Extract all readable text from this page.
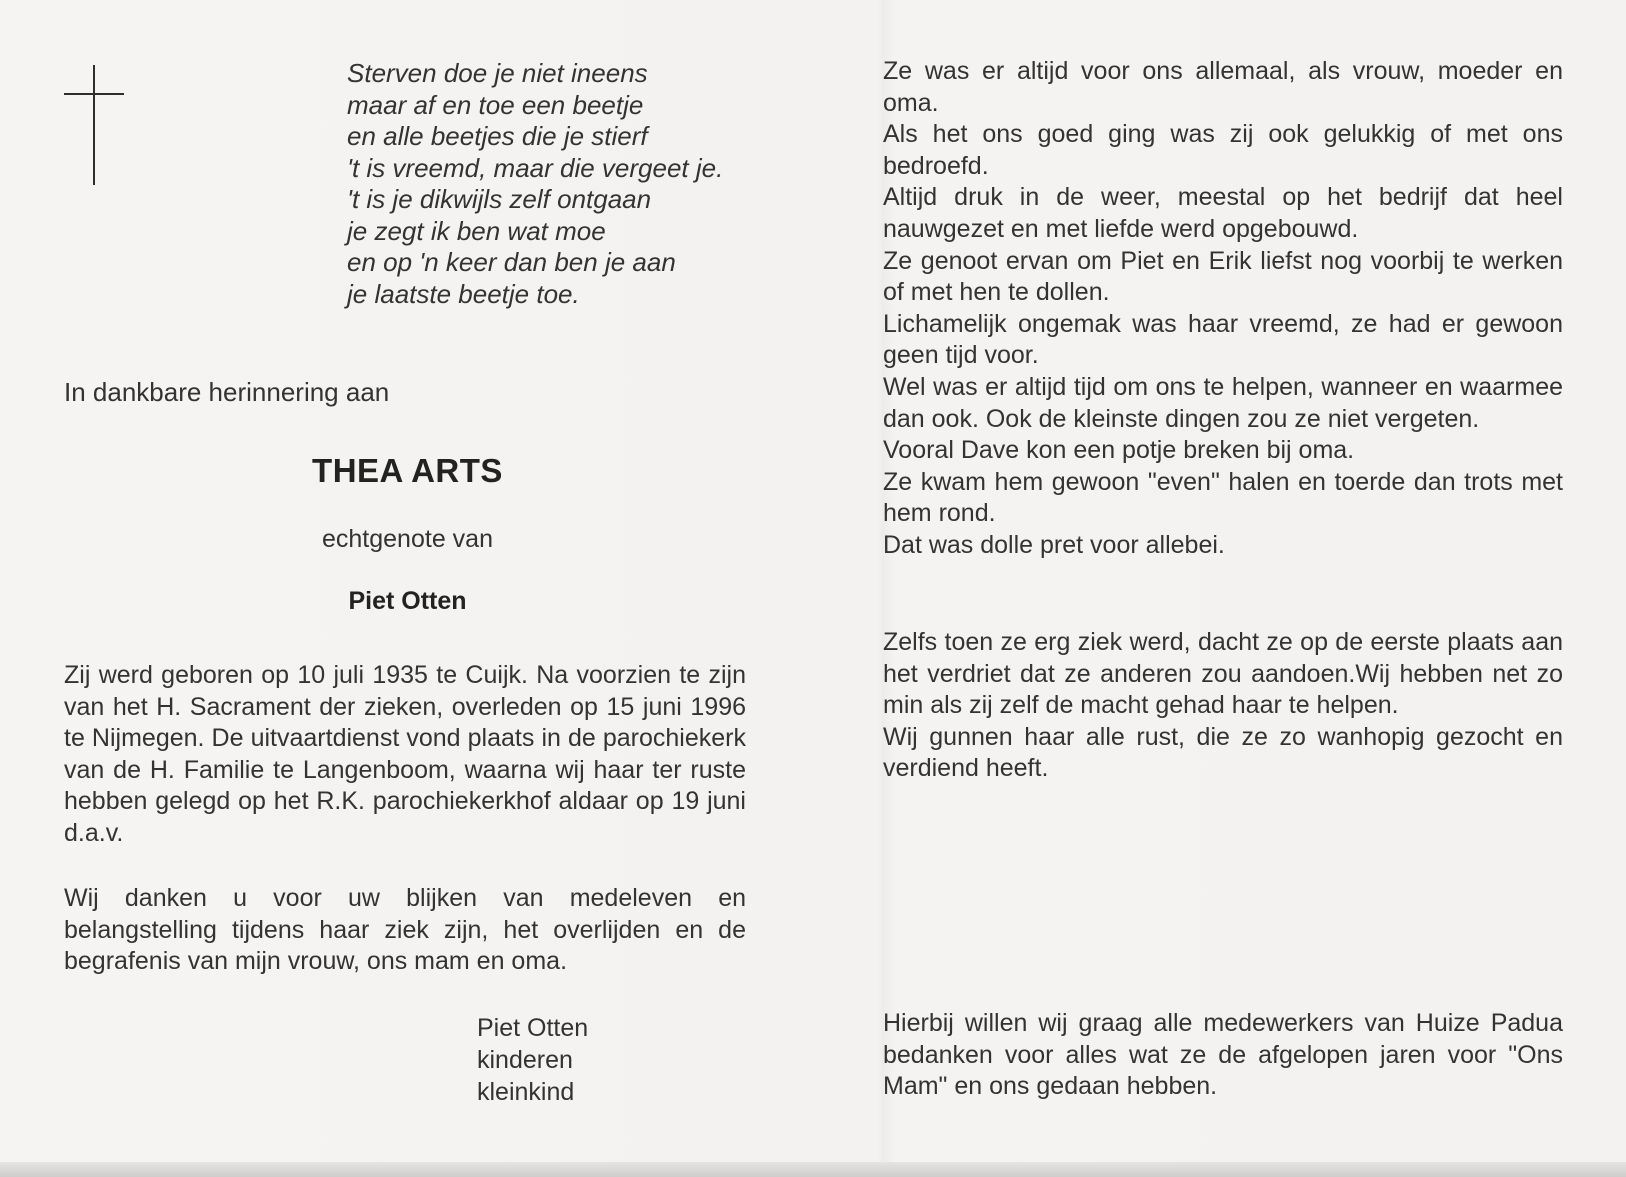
Sterven doe je niet ineens
maar af en toe een beetje
en alle beetjes die je stierf
't is vreemd, maar die vergeet je.
't is je dikwijls zelf ontgaan
je zegt ik ben wat moe
en op 'n keer dan ben je aan
je laatste beetje toe.
In dankbare herinnering aan
THEA ARTS
echtgenote van
Piet Otten
Zij werd geboren op 10 juli 1935 te Cuijk. Na voorzien te zijn van het H. Sacrament der zieken, overleden op 15 juni 1996 te Nijmegen. De uitvaartdienst vond plaats in de parochiekerk van de H. Familie te Langenboom, waarna wij haar ter ruste hebben gelegd op het R.K. parochiekerkhof aldaar op 19 juni d.a.v.
Wij danken u voor uw blijken van medeleven en belangstelling tijdens haar ziek zijn, het overlijden en de begrafenis van mijn vrouw, ons mam en oma.
Piet Otten
kinderen
kleinkind
Ze was er altijd voor ons allemaal, als vrouw, moeder en oma.
Als het ons goed ging was zij ook gelukkig of met ons bedroefd.
Altijd druk in de weer, meestal op het bedrijf dat heel nauwgezet en met liefde werd opgebouwd.
Ze genoot ervan om Piet en Erik liefst nog voorbij te werken of met hen te dollen.
Lichamelijk ongemak was haar vreemd, ze had er gewoon geen tijd voor.
Wel was er altijd tijd om ons te helpen, wanneer en waarmee dan ook. Ook de kleinste dingen zou ze niet vergeten.
Vooral Dave kon een potje breken bij oma.
Ze kwam hem gewoon "even" halen en toerde dan trots met hem rond.
Dat was dolle pret voor allebei.
Zelfs toen ze erg ziek werd, dacht ze op de eerste plaats aan het verdriet dat ze anderen zou aandoen.Wij hebben net zo min als zij zelf de macht gehad haar te helpen.
Wij gunnen haar alle rust, die ze zo wanhopig gezocht en verdiend heeft.
Hierbij willen wij graag alle medewerkers van Huize Padua bedanken voor alles wat ze de afgelopen jaren voor "Ons Mam" en ons gedaan hebben.
